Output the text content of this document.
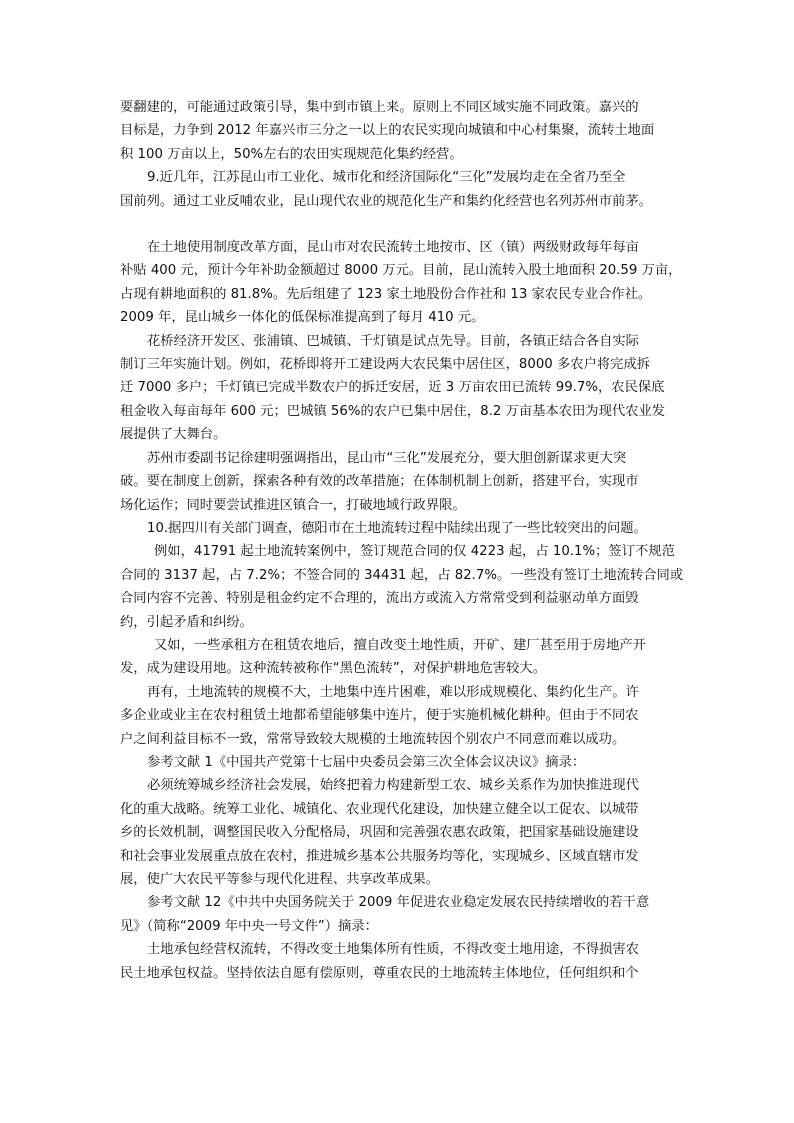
要翻建的，可能通过政策引导，集中到市镇上来。原则上不同区域实施不同政策。嘉兴的

目标是，力争到 2012 年嘉兴市三分之一以上的农民实现向城镇和中心村集聚，流转土地面

积 100 万亩以上，50%左右的农田实现规范化集约经营。

9.近几年，江苏昆山市工业化、城市化和经济国际化“三化”发展均走在全省乃至全

国前列。通过工业反哺农业，昆山现代农业的规范化生产和集约化经营也名列苏州市前茅。

在土地使用制度改革方面，昆山市对农民流转土地按市、区（镇）两级财政每年每亩

补贴 400 元，预计今年补助金额超过 8000 万元。目前，昆山流转入股土地面积 20.59 万亩，

占现有耕地面积的 81.8%。先后组建了 123 家土地股份合作社和 13 家农民专业合作社。

2009 年，昆山城乡一体化的低保标准提高到了每月 410 元。

花桥经济开发区、张浦镇、巴城镇、千灯镇是试点先导。目前，各镇正结合各自实际

制订三年实施计划。例如，花桥即将开工建设两大农民集中居住区，8000 多农户将完成拆

迁 7000 多户；千灯镇已完成半数农户的拆迁安居，近 3 万亩农田已流转 99.7%，农民保底

租金收入每亩每年 600 元；巴城镇 56%的农户已集中居住，8.2 万亩基本农田为现代农业发

展提供了大舞台。

苏州市委副书记徐建明强调指出，昆山市“三化”发展充分，要大胆创新谋求更大突

破。要在制度上创新，探索各种有效的改革措施；在体制机制上创新，搭建平台，实现市

场化运作；同时要尝试推进区镇合一，打破地域行政界限。

10.据四川有关部门调查，德阳市在土地流转过程中陆续出现了一些比较突出的问题。

例如，41791 起土地流转案例中，签订规范合同的仅 4223 起，占 10.1%；签订不规范

合同的 3137 起，占 7.2%；不签合同的 34431 起，占 82.7%。一些没有签订土地流转合同或

合同内容不完善、特别是租金约定不合理的，流出方或流入方常常受到利益驱动单方面毁

约，引起矛盾和纠纷。

又如，一些承租方在租赁农地后，擅自改变土地性质，开矿、建厂甚至用于房地产开

发，成为建设用地。这种流转被称作“黑色流转”，对保护耕地危害较大。

再有，土地流转的规模不大，土地集中连片困难，难以形成规模化、集约化生产。许

多企业或业主在农村租赁土地都希望能够集中连片，便于实施机械化耕种。但由于不同农

户之间利益目标不一致，常常导致较大规模的土地流转因个别农户不同意而难以成功。

参考文献 1《中国共产党第十七届中央委员会第三次全体会议决议》摘录：

必须统筹城乡经济社会发展，始终把着力构建新型工农、城乡关系作为加快推进现代

化的重大战略。统筹工业化、城镇化、农业现代化建设，加快建立健全以工促农、以城带

乡的长效机制，调整国民收入分配格局，巩固和完善强农惠农政策，把国家基础设施建设

和社会事业发展重点放在农村，推进城乡基本公共服务均等化，实现城乡、区域直辖市发

展，使广大农民平等参与现代化进程、共享改革成果。

参考文献 12《中共中央国务院关于 2009 年促进农业稳定发展农民持续增收的若干意

见》（简称“2009 年中央一号文件”）摘录：

土地承包经营权流转，不得改变土地集体所有性质，不得改变土地用途，不得损害农

民土地承包权益。坚持依法自愿有偿原则，尊重农民的土地流转主体地位，任何组织和个
